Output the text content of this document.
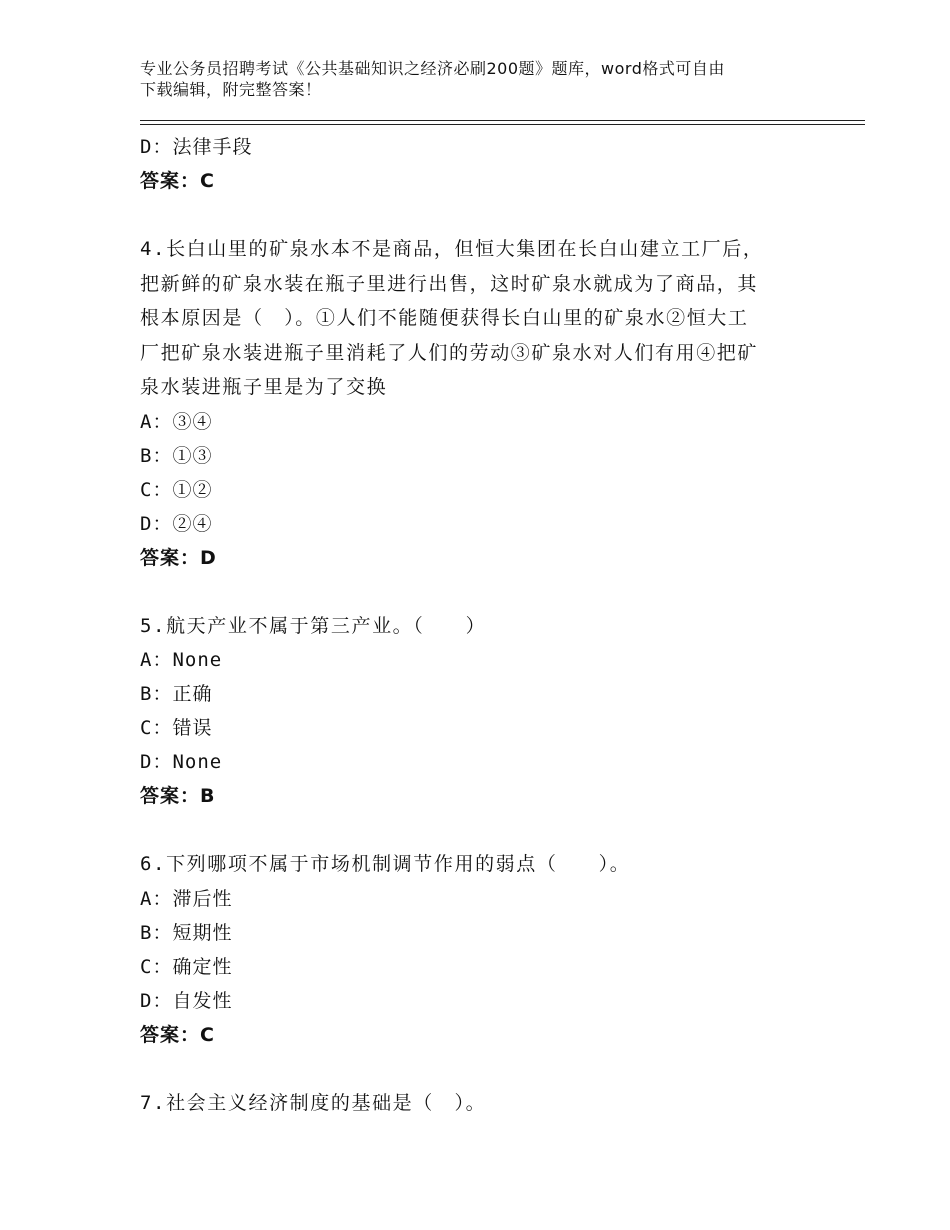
专业公务员招聘考试《公共基础知识之经济必刷200题》题库，word格式可自由
下载编辑，附完整答案！
D：法律手段
答案：C
4.长白山里的矿泉水本不是商品，但恒大集团在长白山建立工厂后，
把新鲜的矿泉水装在瓶子里进行出售，这时矿泉水就成为了商品，其
根本原因是（　）。①人们不能随便获得长白山里的矿泉水②恒大工
厂把矿泉水装进瓶子里消耗了人们的劳动③矿泉水对人们有用④把矿
泉水装进瓶子里是为了交换
A：③④
B：①③
C：①②
D：②④
答案：D
5.航天产业不属于第三产业。（　　）
A：None
B：正确
C：错误
D：None
答案：B
6.下列哪项不属于市场机制调节作用的弱点（　　）。
A：滞后性
B：短期性
C：确定性
D：自发性
答案：C
7.社会主义经济制度的基础是（　）。
